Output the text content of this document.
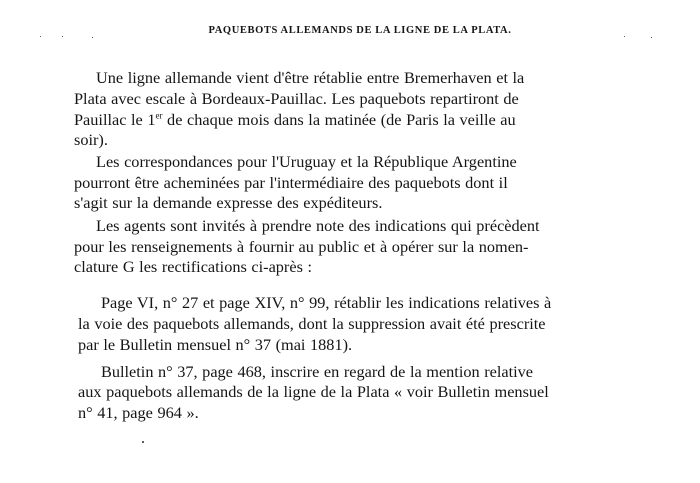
PAQUEBOTS ALLEMANDS DE LA LIGNE DE LA PLATA.
Une ligne allemande vient d'être rétablie entre Bremerhaven et la
Plata avec escale à Bordeaux-Pauillac. Les paquebots repartiront de
Pauillac le 1er de chaque mois dans la matinée (de Paris la veille au
soir).
Les correspondances pour l'Uruguay et la République Argentine
pourront être acheminées par l'intermédiaire des paquebots dont il
s'agit sur la demande expresse des expéditeurs.
Les agents sont invités à prendre note des indications qui précèdent
pour les renseignements à fournir au public et à opérer sur la nomen-
clature G les rectifications ci-après :
Page VI, n° 27 et page XIV, n° 99, rétablir les indications relatives à
la voie des paquebots allemands, dont la suppression avait été prescrite
par le Bulletin mensuel n° 37 (mai 1881).
Bulletin n° 37, page 468, inscrire en regard de la mention relative
aux paquebots allemands de la ligne de la Plata « voir Bulletin mensuel
n° 41, page 964 ».
